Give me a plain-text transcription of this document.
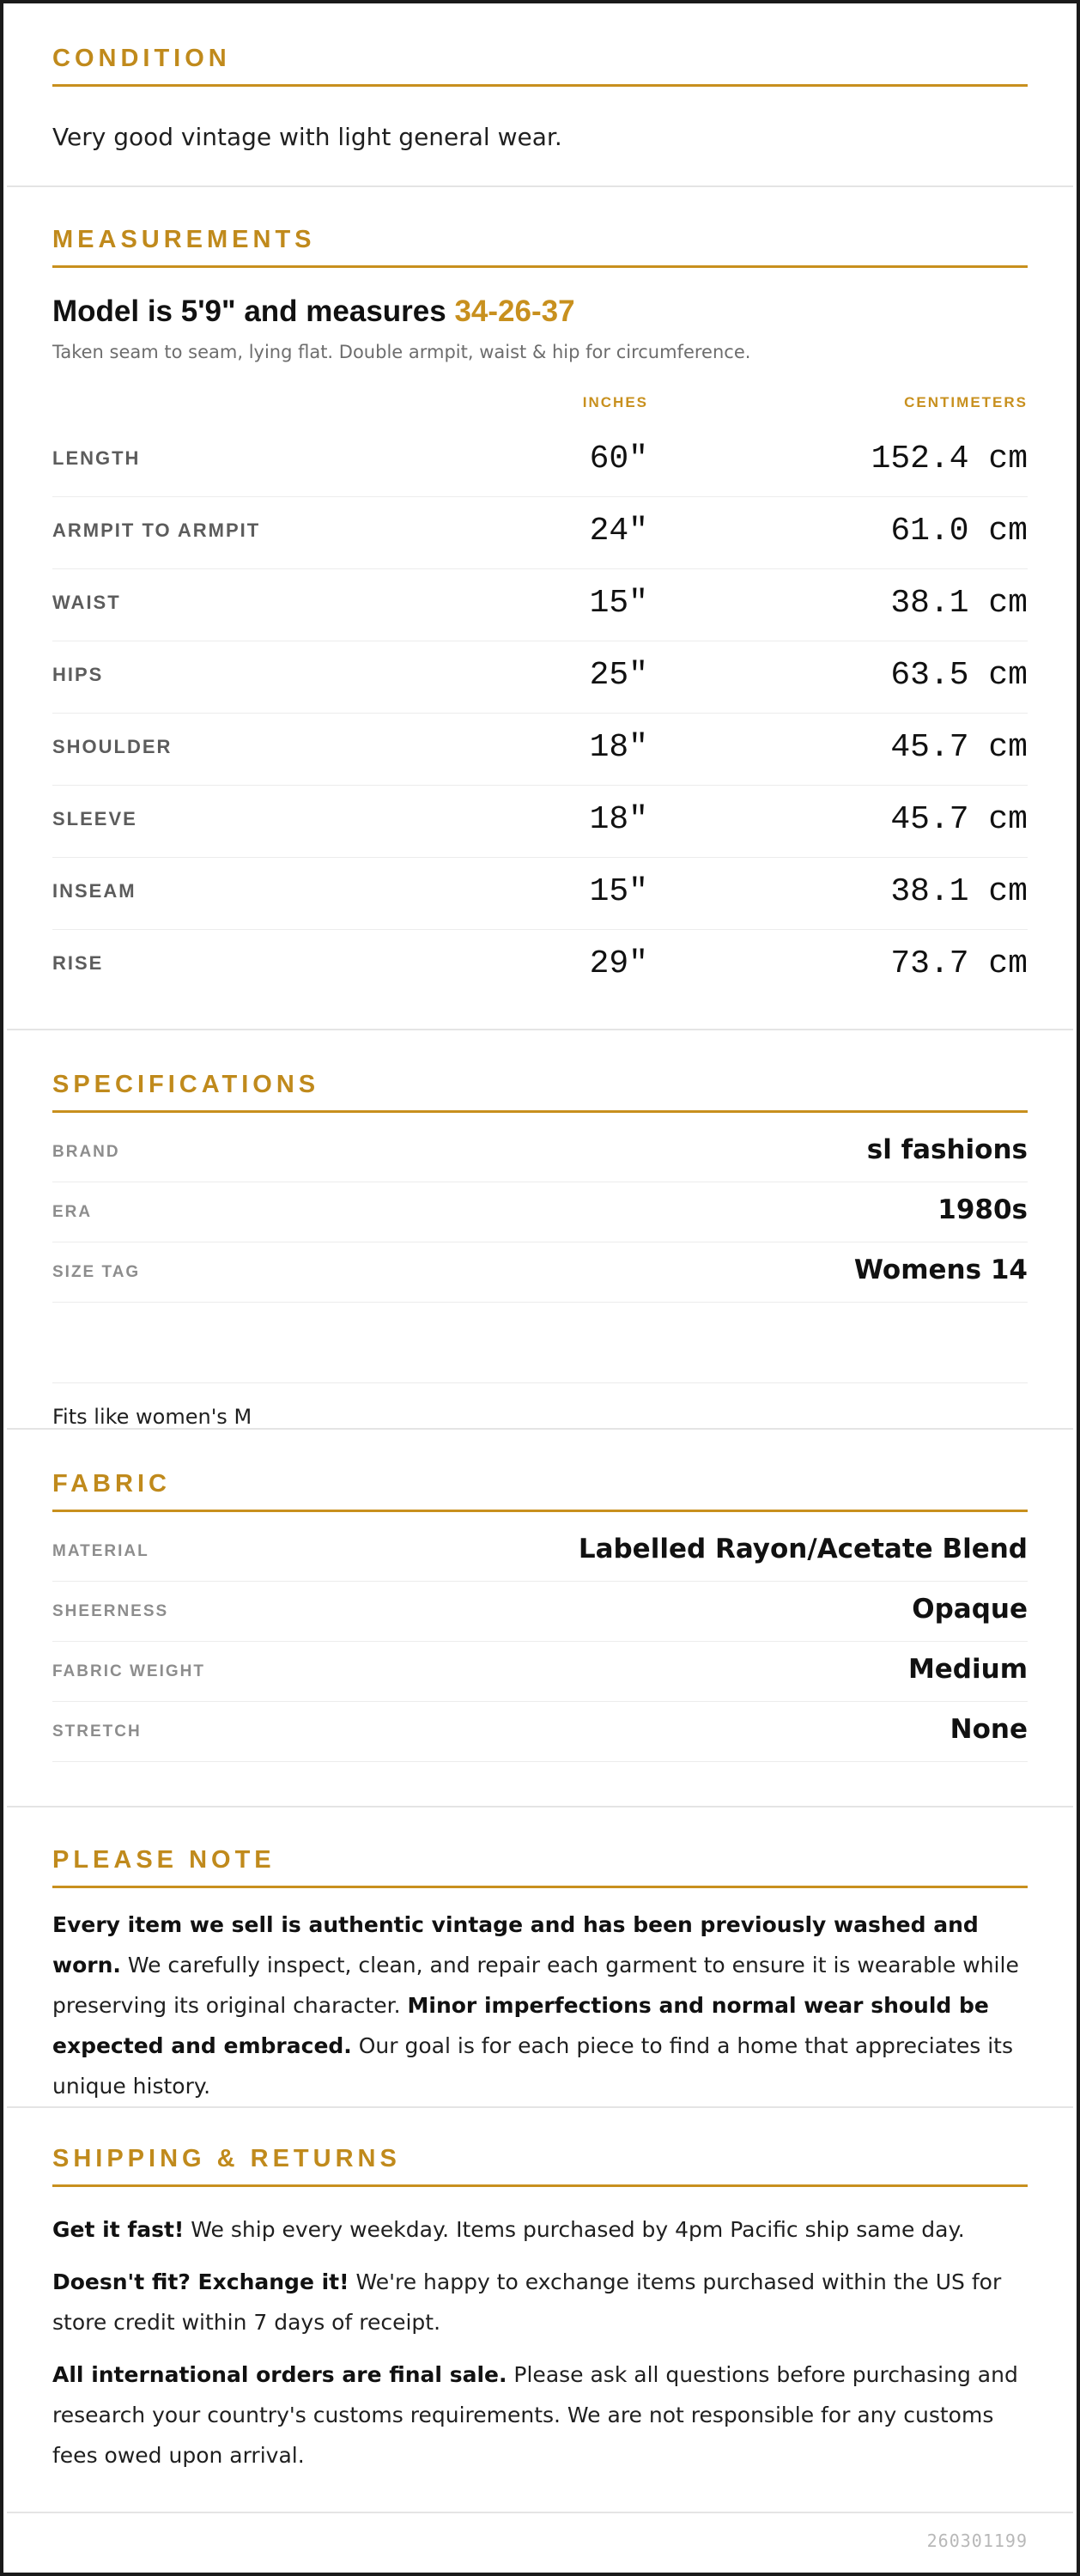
CONDITION
Very good vintage with light general wear.
MEASUREMENTS
Model is 5'9" and measures 34-26-37
Taken seam to seam, lying flat. Double armpit, waist & hip for circumference.
INCHES	CENTIMETERS
LENGTH	60"	152.4 cm
ARMPIT TO ARMPIT	24"	61.0 cm
WAIST	15"	38.1 cm
HIPS	25"	63.5 cm
SHOULDER	18"	45.7 cm
SLEEVE	18"	45.7 cm
INSEAM	15"	38.1 cm
RISE	29"	73.7 cm
SPECIFICATIONS
BRAND	sl fashions
ERA	1980s
SIZE TAG	Womens 14
Fits like women's M
FABRIC
MATERIAL	Labelled Rayon/Acetate Blend
SHEERNESS	Opaque
FABRIC WEIGHT	Medium
STRETCH	None
PLEASE NOTE

Every item we sell is authentic vintage and has been previously washed and worn. We carefully inspect, clean, and repair each garment to ensure it is wearable while preserving its original character. Minor imperfections and normal wear should be expected and embraced. Our goal is for each piece to find a home that appreciates its unique history.

SHIPPING & RETURNS

Get it fast! We ship every weekday. Items purchased by 4pm Pacific ship same day.

Doesn't fit? Exchange it! We're happy to exchange items purchased within the US for store credit within 7 days of receipt.

All international orders are final sale. Please ask all questions before purchasing and research your country's customs requirements. We are not responsible for any customs fees owed upon arrival.

260301199
